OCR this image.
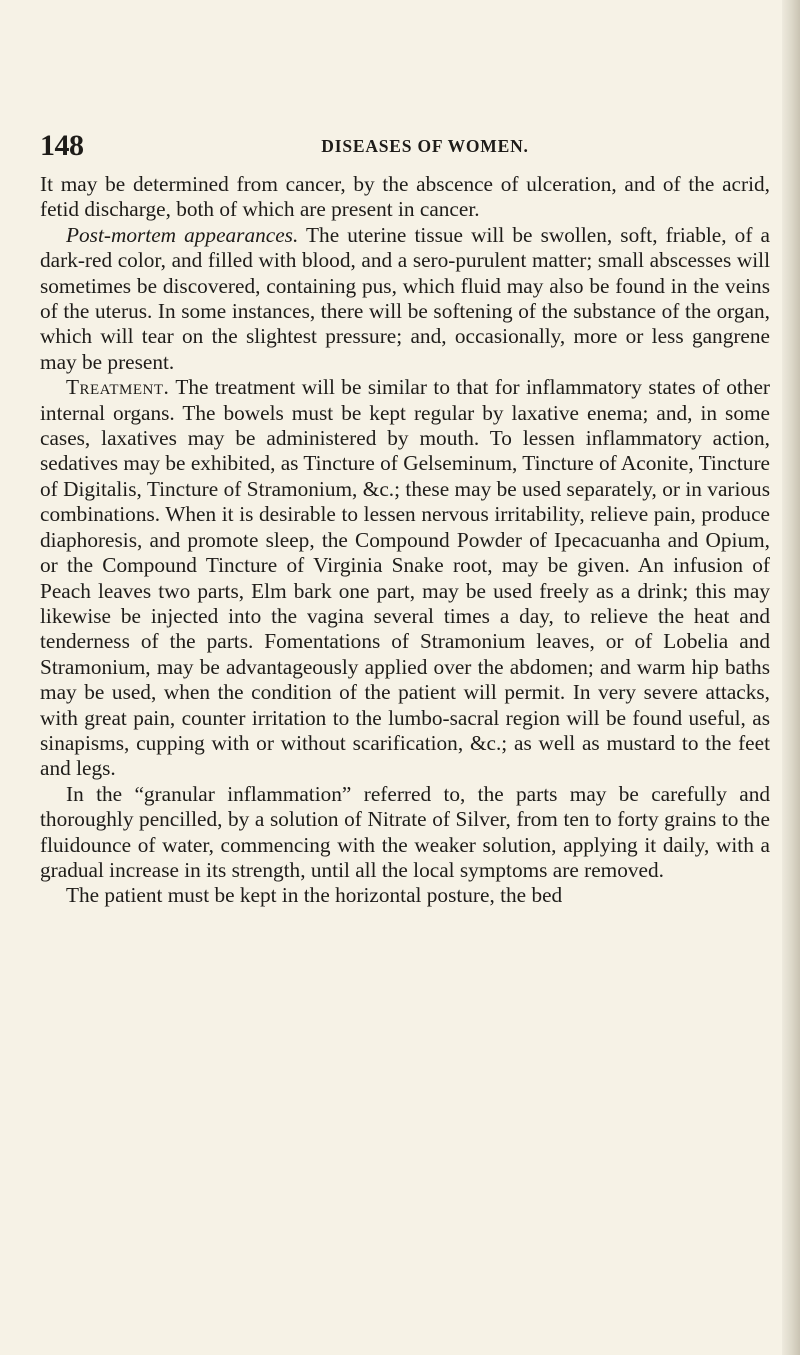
148	DISEASES OF WOMEN.

It may be determined from cancer, by the abscence of ulceration, and of the acrid, fetid discharge, both of which are present in cancer.

Post-mortem appearances. The uterine tissue will be swollen, soft, friable, of a dark-red color, and filled with blood, and a sero-purulent matter; small abscesses will sometimes be discovered, containing pus, which fluid may also be found in the veins of the uterus. In some instances, there will be softening of the substance of the organ, which will tear on the slightest pressure; and, occasionally, more or less gangrene may be present.

Treatment. The treatment will be similar to that for inflammatory states of other internal organs. The bowels must be kept regular by laxative enema; and, in some cases, laxatives may be administered by mouth. To lessen inflammatory action, sedatives may be exhibited, as Tincture of Gelseminum, Tincture of Aconite, Tincture of Digitalis, Tincture of Stramonium, &c.; these may be used separately, or in various combinations. When it is desirable to lessen nervous irritability, relieve pain, produce diaphoresis, and promote sleep, the Compound Powder of Ipecacuanha and Opium, or the Compound Tincture of Virginia Snake root, may be given. An infusion of Peach leaves two parts, Elm bark one part, may be used freely as a drink; this may likewise be injected into the vagina several times a day, to relieve the heat and tenderness of the parts. Fomentations of Stramonium leaves, or of Lobelia and Stramonium, may be advantageously applied over the abdomen; and warm hip baths may be used, when the condition of the patient will permit. In very severe attacks, with great pain, counter irritation to the lumbo-sacral region will be found useful, as sinapisms, cupping with or without scarification, &c.; as well as mustard to the feet and legs.

In the “granular inflammation” referred to, the parts may be carefully and thoroughly pencilled, by a solution of Nitrate of Silver, from ten to forty grains to the fluidounce of water, commencing with the weaker solution, applying it daily, with a gradual increase in its strength, until all the local symptoms are removed.

The patient must be kept in the horizontal posture, the bed
